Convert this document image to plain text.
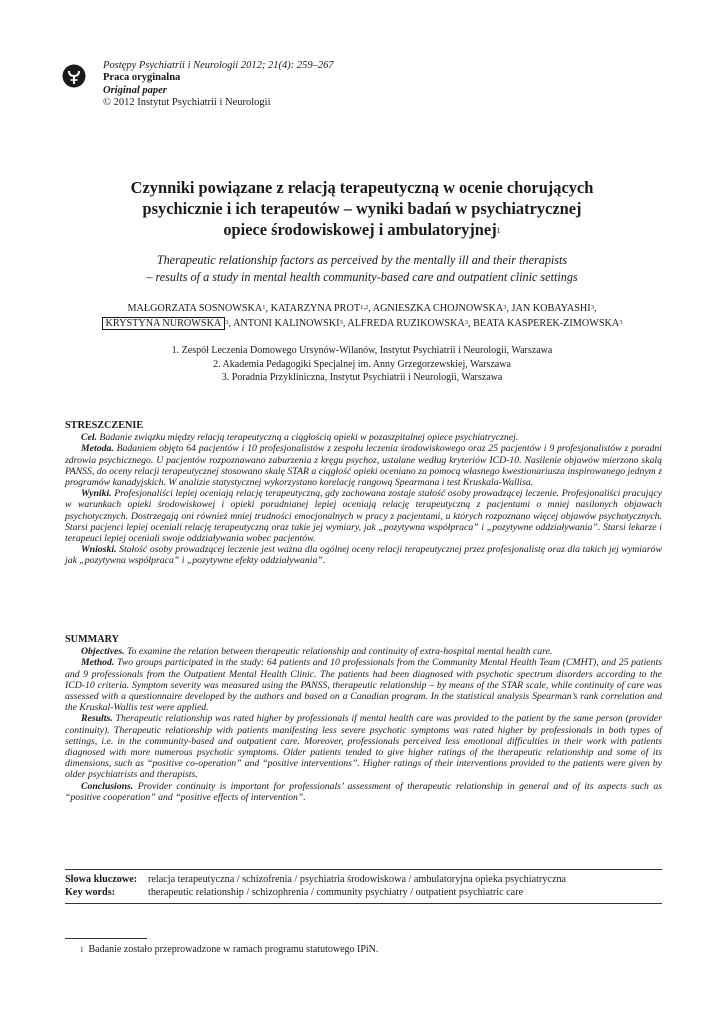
Postępy Psychiatrii i Neurologii 2012; 21(4): 259–267
Praca oryginalna
Original paper
© 2012 Instytut Psychiatrii i Neurologii
Czynniki powiązane z relacją terapeutyczną w ocenie chorujących
psychicznie i ich terapeutów – wyniki badań w psychiatrycznej
opiece środowiskowej i ambulatoryjnej$^1$
Therapeutic relationship factors as perceived by the mentally ill and their therapists
– results of a study in mental health community-based care and outpatient clinic settings
MAŁGORZATA SOSNOWSKA$^1$, KATARZYNA PROT$^{1,2}$, AGNIESZKA CHOJNOWSKA$^3$, JAN KOBAYASHI$^3$,
KRYSTYNA NUROWSKA $^3$, ANTONI KALINOWSKI$^3$, ALFREDA RUZIKOWSKA$^3$, BEATA KASPEREK-ZIMOWSKA$^3$
1. Zespół Leczenia Domowego Ursynów-Wilanów, Instytut Psychiatrii i Neurologii, Warszawa
2. Akademia Pedagogiki Specjalnej im. Anny Grzegorzewskiej, Warszawa
3. Poradnia Przykliniczna, Instytut Psychiatrii i Neurologii, Warszawa
STRESZCZENIE

Cel. Badanie związku między relacją terapeutyczną a ciągłością opieki w pozaszpitalnej opiece psychiatrycznej.

Metoda. Badaniem objęto 64 pacjentów i 10 profesjonalistów z zespołu leczenia środowiskowego oraz 25 pacjentów i 9 profesjonalistów z poradni zdrowia psychicznego. U pacjentów rozpoznawano zaburzenia z kręgu psychoz, ustalane według kryteriów ICD-10. Nasilenie objawów mierzono skalą PANSS, do oceny relacji terapeutycznej stosowano skalę STAR a ciągłość opieki oceniano za pomocą własnego kwestionariusza inspirowanego jednym z programów kanadyjskich. W analizie statystycznej wykorzystano korelację rangową Spearmana i test Kruskala-Wallisa.

Wyniki. Profesjonaliści lepiej oceniają relację terapeutyczną, gdy zachowana zostaje stałość osoby prowadzącej leczenie. Profesjonaliści pracujący w warunkach opieki środowiskowej i opieki poradnianej lepiej oceniają relację terapeutyczną z pacjentami o mniej nasilonych objawach psychotycznych. Dostrzegają oni również mniej trudności emocjonalnych w pracy z pacjentami, u których rozpoznano więcej objawów psychotycznych. Starsi pacjenci lepiej oceniali relację terapeutyczną oraz takie jej wymiary, jak „pozytywna współpraca” i „pozytywne oddziaływania”. Starsi lekarze i terapeuci lepiej oceniali swoje oddziaływania wobec pacjentów.

Wnioski. Stałość osoby prowadzącej leczenie jest ważna dla ogólnej oceny relacji terapeutycznej przez profesjonalistę oraz dla takich jej wymiarów jak „pozytywna współpraca” i „pozytywne efekty oddziaływania”.

SUMMARY

Objectives. To examine the relation between therapeutic relationship and continuity of extra-hospital mental health care.

Method. Two groups participated in the study: 64 patients and 10 professionals from the Community Mental Health Team (CMHT), and 25 patients and 9 professionals from the Outpatient Mental Health Clinic. The patients had been diagnosed with psychotic spectrum disorders according to the ICD-10 criteria. Symptom severity was measured using the PANSS, therapeutic relationship – by means of the STAR scale, while continuity of care was assessed with a questionnaire developed by the authors and based on a Canadian program. In the statistical analysis Spearman’s rank correlation and the Kruskal-Wallis test were applied.

Results. Therapeutic relationship was rated higher by professionals if mental health care was provided to the patient by the same person (provider continuity). Therapeutic relationship with patients manifesting less severe psychotic symptoms was rated higher by professionals in both types of settings, i.e. in the community-based and outpatient care. Moreover, professionals perceived less emotional difficulties in their work with patients diagnosed with more numerous psychotic symptoms. Older patients tended to give higher ratings of the therapeutic relationship and some of its dimensions, such as “positive co-operation” and “positive interventions”. Higher ratings of their interventions provided to the patients were given by older psychiatrists and therapists.

Conclusions. Provider continuity is important for professionals’ assessment of therapeutic relationship in general and of its aspects such as “positive cooperation” and “positive effects of intervention”.

Słowa kluczowe: relacja terapeutyczna / schizofrenia / psychiatria środowiskowa / ambulatoryjna opieka psychiatryczna
Key words:	therapeutic relationship / schizophrenia / community psychiatry / outpatient psychiatric care
$^1$ Badanie zostało przeprowadzone w ramach programu statutowego IPiN.
